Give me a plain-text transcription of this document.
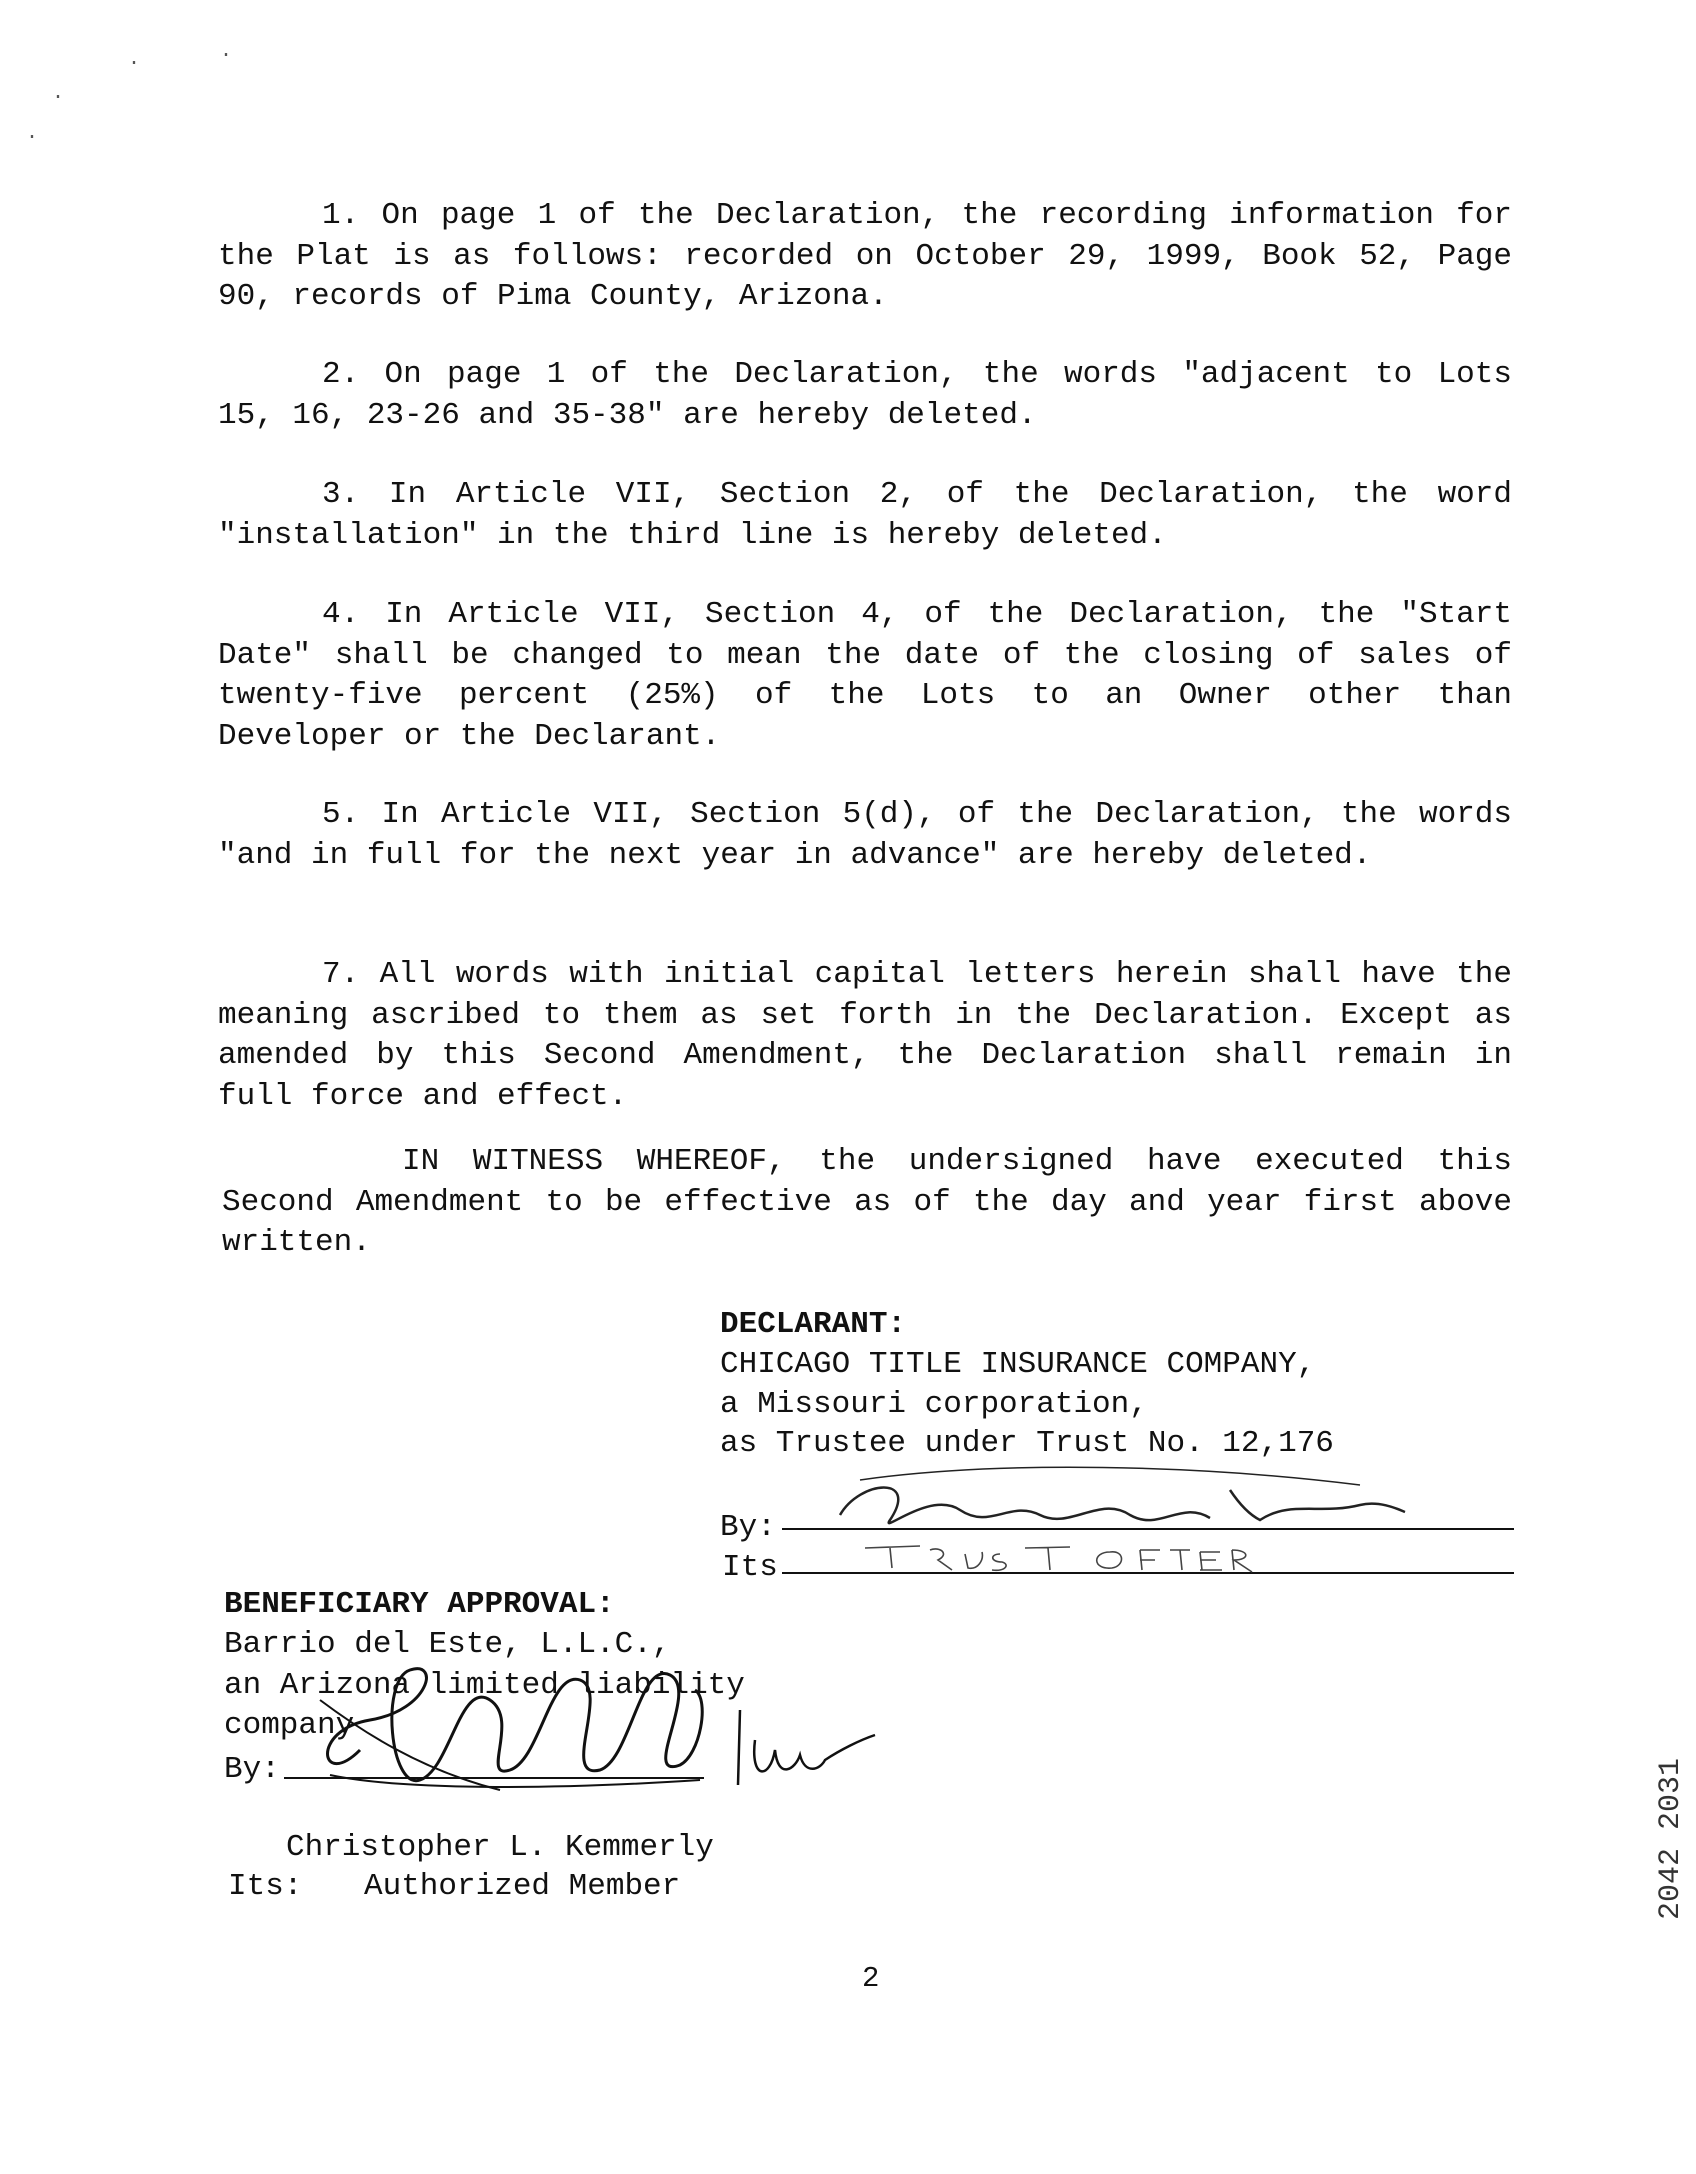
1. On page 1 of the Declaration, the recording information for the Plat is as follows: recorded on October 29, 1999, Book 52, Page 90, records of Pima County, Arizona.

2. On page 1 of the Declaration, the words "adjacent to Lots 15, 16, 23-26 and 35-38" are hereby deleted.

3. In Article VII, Section 2, of the Declaration, the word "installation" in the third line is hereby deleted.

4. In Article VII, Section 4, of the Declaration, the "Start Date" shall be changed to mean the date of the closing of sales of twenty-five percent (25%) of the Lots to an Owner other than Developer or the Declarant.

5. In Article VII, Section 5(d), of the Declaration, the words "and in full for the next year in advance" are hereby deleted.

7. All words with initial capital letters herein shall have the meaning ascribed to them as set forth in the Declaration. Except as amended by this Second Amendment, the Declaration shall remain in full force and effect.

IN WITNESS WHEREOF, the undersigned have executed this Second Amendment to be effective as of the day and year first above written.

DECLARANT:
CHICAGO TITLE INSURANCE COMPANY,
a Missouri corporation,
as Trustee under Trust No. 12,176
By:
Its
BENEFICIARY APPROVAL:
Barrio del Este, L.L.C.,
an Arizona limited liability
company
By:
Christopher L. Kemmerly
Its: Authorized Member
2
.	.
.
.
2042 2031
